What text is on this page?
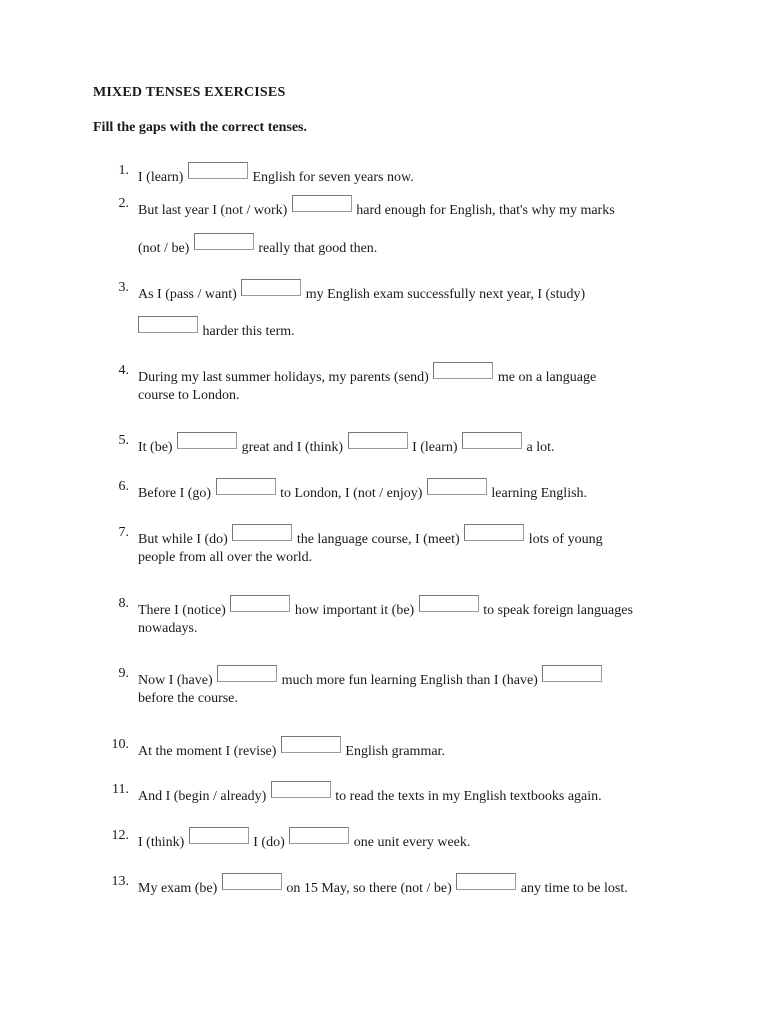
MIXED TENSES EXERCISES
Fill the gaps with the correct tenses.
1. I (learn)	English for seven years now.
2. But last year I (not / work)	hard enough for English, that's why my marks
(not / be)	really that good then.
3. As I (pass / want)	my English exam successfully next year, I (study)
harder this term.
4. During my last summer holidays, my parents (send)	me on a language
course to London.
5. It (be)	great and I (think)	I (learn)	a lot.
6. Before I (go)	to London, I (not / enjoy)	learning English.
7. But while I (do)	the language course, I (meet)	lots of young
people from all over the world.
8. There I (notice)	how important it (be)	to speak foreign languages
nowadays.
9. Now I (have)	much more fun learning English than I (have)
before the course.
10. At the moment I (revise)	English grammar.
11. And I (begin / already)	to read the texts in my English textbooks again.
12. I (think)	I (do)	one unit every week.
13. My exam (be)	on 15 May, so there (not / be)	any time to be lost.
